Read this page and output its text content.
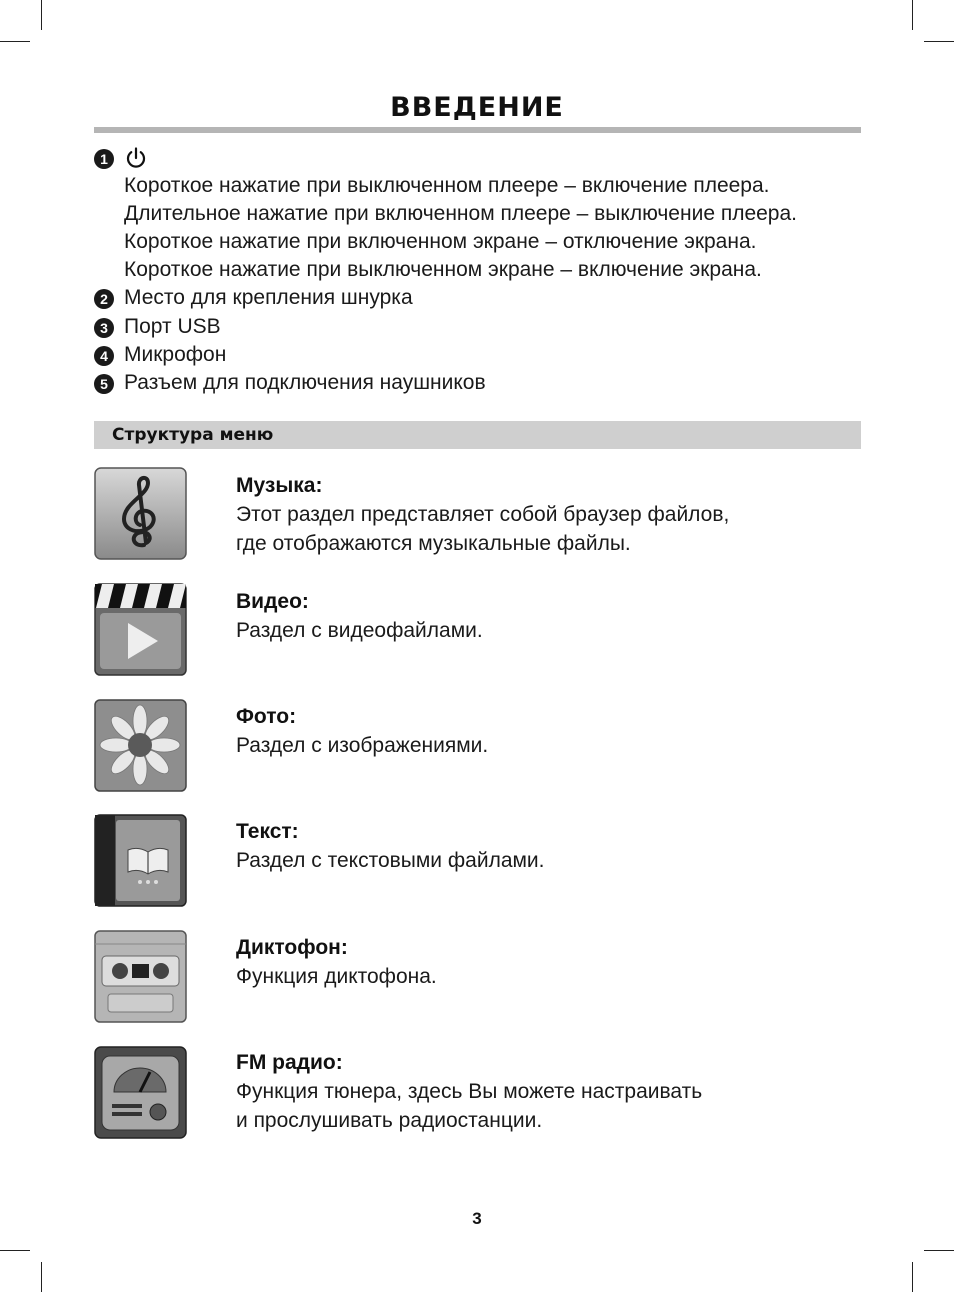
ВВЕДЕНИЕ
1
Короткое нажатие при выключенном плеере – включение плеера.
Длительное нажатие при включенном плеере – выключение плеера.
Короткое нажатие при включенном экране – отключение экрана.
Короткое нажатие при выключенном экране – включение экрана.
2 Место для крепления шнурка
3 Порт USB
4 Микрофон
5 Разъем для подключения наушников
Структура меню
Музыка:
Этот раздел представляет собой браузер файлов,
где отображаются музыкальные файлы.
Видео:
Раздел с видеофайлами.
Фото:
Раздел с изображениями.
Текст:
Раздел с текстовыми файлами.
Диктофон:
Функция диктофона.
FM радио:
Функция тюнера, здесь Вы можете настраивать
и прослушивать радиостанции.
3
